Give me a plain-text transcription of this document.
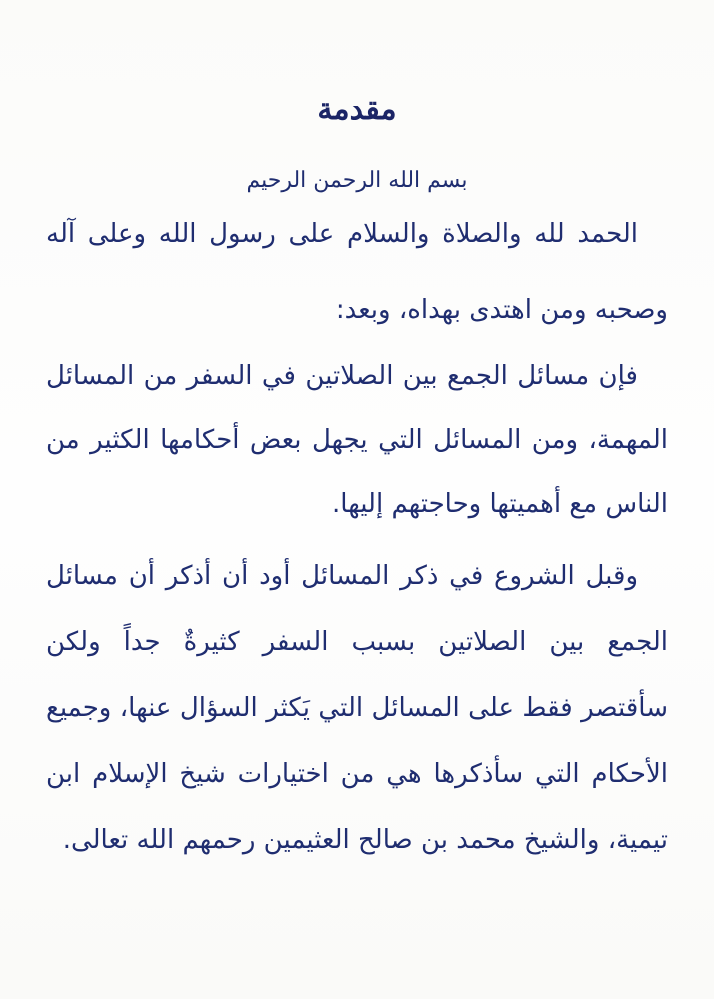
مقدمة
بسم الله الرحمن الرحيم
الحمد لله والصلاة والسلام على رسول الله وعلى آله
وصحبه ومن اهتدى بهداه، وبعد:
فإن مسائل الجمع بين الصلاتين في السفر من المسائل
المهمة، ومن المسائل التي يجهل بعض أحكامها الكثير من
الناس مع أهميتها وحاجتهم إليها.
وقبل الشروع في ذكر المسائل أود أن أذكر أن مسائل
الجمع بين الصلاتين بسبب السفر كثيرةٌ جداً ولكن
سأقتصر فقط على المسائل التي يَكثر السؤال عنها، وجميع
الأحكام التي سأذكرها هي من اختيارات شيخ الإسلام ابن
تيمية، والشيخ محمد بن صالح العثيمين رحمهم الله تعالى.
